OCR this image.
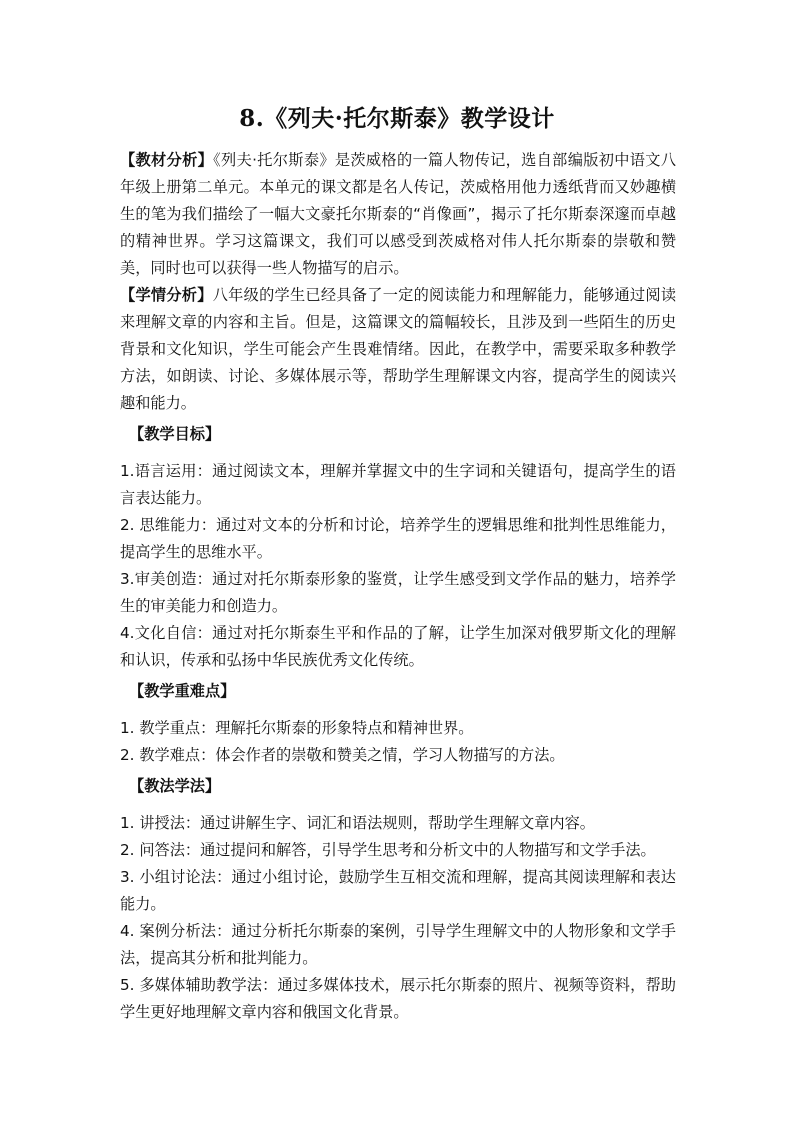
8.《列夫·托尔斯泰》教学设计

【教材分析】《列夫·托尔斯泰》是茨威格的一篇人物传记，选自部编版初中语文八年级上册第二单元。本单元的课文都是名人传记，茨威格用他力透纸背而又妙趣横生的笔为我们描绘了一幅大文豪托尔斯泰的“肖像画”，揭示了托尔斯泰深邃而卓越的精神世界。学习这篇课文，我们可以感受到茨威格对伟人托尔斯泰的崇敬和赞美，同时也可以获得一些人物描写的启示。

【学情分析】八年级的学生已经具备了一定的阅读能力和理解能力，能够通过阅读来理解文章的内容和主旨。但是，这篇课文的篇幅较长，且涉及到一些陌生的历史背景和文化知识，学生可能会产生畏难情绪。因此，在教学中，需要采取多种教学方法，如朗读、讨论、多媒体展示等，帮助学生理解课文内容，提高学生的阅读兴趣和能力。

【教学目标】

1.语言运用：通过阅读文本，理解并掌握文中的生字词和关键语句，提高学生的语言表达能力。

2. 思维能力：通过对文本的分析和讨论，培养学生的逻辑思维和批判性思维能力，提高学生的思维水平。

3.审美创造：通过对托尔斯泰形象的鉴赏，让学生感受到文学作品的魅力，培养学生的审美能力和创造力。

4.文化自信：通过对托尔斯泰生平和作品的了解，让学生加深对俄罗斯文化的理解和认识，传承和弘扬中华民族优秀文化传统。

【教学重难点】

1. 教学重点：理解托尔斯泰的形象特点和精神世界。

2. 教学难点：体会作者的崇敬和赞美之情，学习人物描写的方法。

【教法学法】

1. 讲授法：通过讲解生字、词汇和语法规则，帮助学生理解文章内容。

2. 问答法：通过提问和解答，引导学生思考和分析文中的人物描写和文学手法。

3. 小组讨论法：通过小组讨论，鼓励学生互相交流和理解，提高其阅读理解和表达能力。

4. 案例分析法：通过分析托尔斯泰的案例，引导学生理解文中的人物形象和文学手法，提高其分析和批判能力。

5. 多媒体辅助教学法：通过多媒体技术，展示托尔斯泰的照片、视频等资料，帮助学生更好地理解文章内容和俄国文化背景。
